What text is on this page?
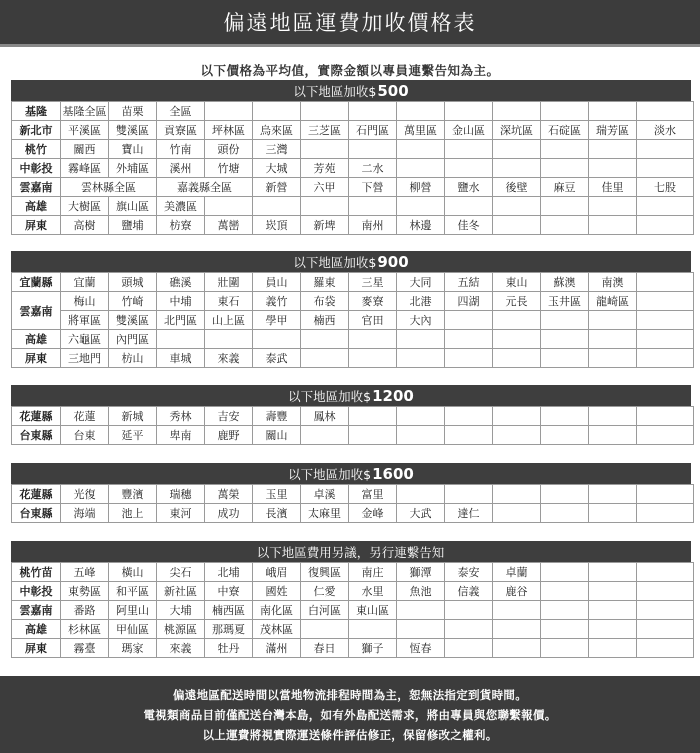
偏遠地區運費加收價格表
以下價格為平均值，實際金額以專員連繫告知為主。
以下地區加收$ 500
基隆	基隆全區	苗栗	全區										
新北市	平溪區	雙溪區	貢寮區	坪林區	烏來區	三芝區	石門區	萬里區	金山區	深坑區	石碇區	瑞芳區	淡水
桃竹	關西	寶山	竹南	頭份	三灣								
中彰投	霧峰區	外埔區	溪州	竹塘	大城	芳苑	二水						
雲嘉南	雲林縣全區		嘉義縣全區		新營	六甲	下營	柳營	鹽水	後壁	麻豆	佳里	七股
高雄	大樹區	旗山區	美濃區										
屏東	高樹	鹽埔	枋寮	萬巒	崁頂	新埤	南州	林邊	佳冬				
以下地區加收$ 900
宜蘭縣	宜蘭	頭城	礁溪	壯圍	員山	羅東	三星	大同	五結	東山	蘇澳	南澳	
雲嘉南	梅山	竹崎	中埔	東石	義竹	布袋	麥寮	北港	四湖	元長	玉井區	龍崎區	
	將軍區	雙溪區	北門區	山上區	學甲	楠西	官田	大內					
高雄	六龜區	內門區											
屏東	三地門	枋山	車城	來義	泰武								
以下地區加收$ 1200
花蓮縣	花蓮	新城	秀林	吉安	壽豐	鳳林							
台東縣	台東	延平	卑南	鹿野	關山								
以下地區加收$ 1600
花蓮縣	光復	豐濱	瑞穗	萬榮	玉里	卓溪	富里						
台東縣	海端	池上	東河	成功	長濱	太麻里	金峰	大武	達仁				
以下地區費用另議，另行連繫告知
桃竹苗	五峰	橫山	尖石	北埔	峨眉	復興區	南庄	獅潭	泰安	卓蘭			
中彰投	東勢區	和平區	新社區	中寮	國姓	仁愛	水里	魚池	信義	鹿谷			
雲嘉南	番路	阿里山	大埔	楠西區	南化區	白河區	東山區						
高雄	杉林區	甲仙區	桃源區	那瑪夏	茂林區								
屏東	霧臺	瑪家	來義	牡丹	滿州	春日	獅子	恆春					
偏遠地區配送時間以當地物流排程時間為主，恕無法指定到貨時間。
電視類商品目前僅配送台灣本島，如有外島配送需求，將由專員與您聯繫報價。
以上運費將視實際運送條件評估修正，保留修改之權利。
